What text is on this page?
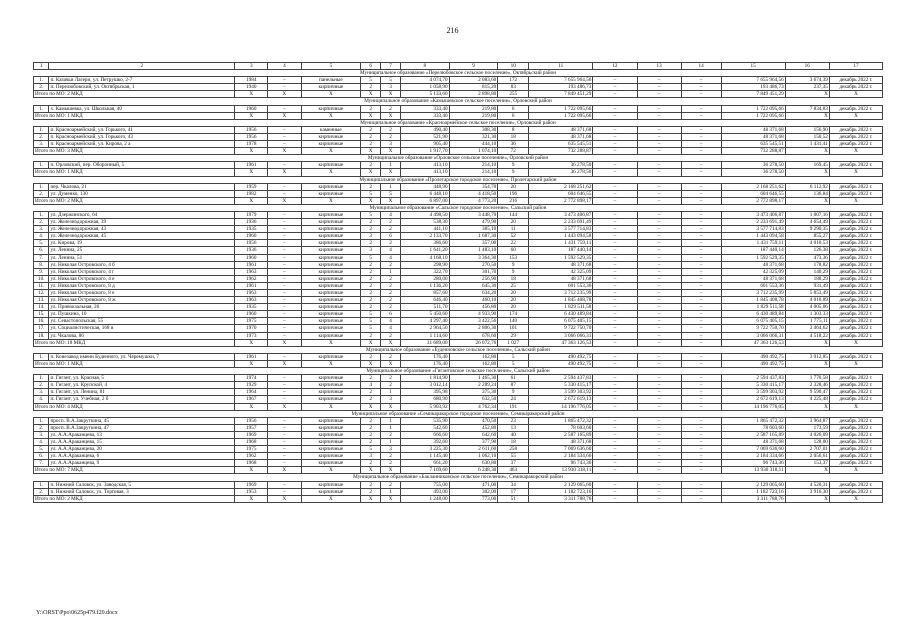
216
1	2	3	4	5	6	7	8	9	10	11	12	13	14	15	16	17
Муниципальное образование «Перелюбовское сельское поселение», Октябрьский район																
1.	п. Казачьи Лагери, ул. Петрушко, 2-7	1984	–	панельные	5	5	4 074,70	2 083,60	172	7 655 964,56	–	–	–	7 655 964,56	3 674,39	декабрь 2022 г.
2.	п. Перелюбовский, ул. Октябрьская, 1	1940	–	кирпичные	2	3	1 058,90	815,20	83	193 486,73	–	–	–	193 486,73	237,35	декабрь 2022 г.
Итого по МО: 2 МКД		Х	Х	Х	Х	Х	5 133,60	2 898,80	255	7 849 451,29	–	–	–	7 849 451,29	Х	Х
Муниципальное образование «Камышевское сельское поселение», Орловский район																
1.	х. Камышевка, ул. Школьная, 40	1960	–	кирпичные	2	2	333,40	219,80	6	1 722 095,66	–	–	–	1 722 095,66	7 834,83	декабрь 2022 г.
Итого по МО: 1 МКД		Х	Х	Х	Х	Х	333,40	219,80	6	1 722 095,66	–	–	–	1 722 095,66	Х	Х
Муниципальное образование «Красноармейское сельское поселение», Орловский район																
1.	п. Красноармейский, ул. Горького, 41	1956	–	каменные	2	2	490,40	308,30	8	48 371,68	–	–	–	48 371,68	156,90	декабрь 2022 г.
2.	п. Красноармейский, ул. Горького, 43	1956	–	кирпичные	2	2	521,90	321,30	18	48 371,68	–	–	–	48 371,68	150,52	декабрь 2022 г.
3.	п. Красноармейский, ул. Кирова, 2 а	1978	–	кирпичные	2	3	905,40	444,10	36	635 545,51	–	–	–	635 545,51	1 431,41	декабрь 2022 г.
Итого по МО: 3 МКД		Х	Х	Х	Х	Х	1 917,70	1 074,10	72	732 288,87	–	–	–	732 288,87	Х	Х
Муниципальное образование «Орловское сельское поселение», Орловский район																
1.	п. Орловский, пер. Оборонный, 5	1961	–	кирпичные	2	1	413,10	214,10	9	36 278,50	–	–	–	36 278,50	169,45	декабрь 2022 г.
Итого по МО: 1 МКД		Х	Х	Х	Х	Х	413,10	214,10	9	36 278,50	–	–	–	36 278,50	Х	Х
Муниципальное образование «Пролетарское городское поселение», Пролетарский район																
1.	пер. Чкалова, 21	1959	–	кирпичные	2	1	448,90	354,70	20	2 168 251,62	–	–	–	2 168 251,62	6 112,92	декабрь 2022 г.
2.	ул. Думенко, 130	1982	–	кирпичные	5	5	6 448,10	4 418,50	196	604 646,55	–	–	–	604 646,55	136,84	декабрь 2022 г.
Итого по МО: 2 МКД		Х	Х	Х	Х	Х	6 897,00	4 773,20	216	2 772 898,17	–	–	–	2 772 898,17	Х	Х
Муниципальное образование «Сальское городское поселение», Сальский район																
1.	ул. Дзержинского, 64	1979	–	кирпичные	5	4	4 498,50	3 448,70	144	3 473 406,87	–	–	–	3 473 406,87	1 007,16	декабрь 2022 г.
2.	ул. Железнодорожная, 39	1936	–	кирпичные	2	2	538,30	479,90	20	2 233 691,49	–	–	–	2 233 691,49	4 654,49	декабрь 2022 г.
3.	ул. Железнодорожная, 43	1935	–	кирпичные	2	2	441,10	385,10	11	3 577 714,83	–	–	–	3 577 714,83	9 290,35	декабрь 2022 г.
4.	ул. Железнодорожная, 45	1960	–	кирпичные	3	6	2 133,70	1 687,30	52	1 443 094,58	–	–	–	1 443 094,58	855,27	декабрь 2022 г.
5.	ул. Кирова, 19	1956	–	кирпичные	2	2	386,60	357,00	22	1 431 759,11	–	–	–	1 431 759,11	4 010,53	декабрь 2022 г.
6.	ул. Ленина, 25	1936	–	кирпичные	3	4	1 641,20	1 483,10	60	187 440,14	–	–	–	187 440,14	126,38	декабрь 2022 г.
7.	ул. Ленина, 51	1960	–	кирпичные	5	4	4 168,10	3 364,30	153	1 592 529,35	–	–	–	1 592 529,35	473,36	декабрь 2022 г.
8.	ул. Николая Островского, 4 б	1961	–	кирпичные	2	2	298,90	270,50	9	48 371,68	–	–	–	48 371,68	178,82	декабрь 2022 г.
9.	ул. Николая Островского, 4 г	1963	–	кирпичные	2	1	322,70	301,70	9	42 325,09	–	–	–	42 325,09	140,29	декабрь 2022 г.
10.	ул. Николая Островского, 4 е	1962	–	кирпичные	2	2	280,00	256,90	18	48 371,68	–	–	–	48 371,68	188,29	декабрь 2022 г.
11.	ул. Николая Островского, 8 д	1961	–	кирпичные	2	2	1 136,20	645,30	25	601 553,36	–	–	–	601 553,36	931,49	декабрь 2022 г.
12.	ул. Николая Островского, 8 е	1963	–	кирпичные	2	2	857,60	634,20	20	3 712 235,99	–	–	–	3 712 235,99	5 853,49	декабрь 2022 г.
13.	ул. Николая Островского, 8 ж	1963	–	кирпичные	2	2	646,40	460,10	20	1 845 408,78	–	–	–	1 845 408,78	4 010,89	декабрь 2022 г.
14.	ул. Привокзальная, 26	1935	–	кирпичные	2	2	511,70	456,80	20	1 829 511,58	–	–	–	1 829 511,58	4 005,06	декабрь 2022 г.
15.	ул. Пушкина, 10	1960	–	кирпичные	5	6	5 450,60	4 933,90	174	6 430 489,84	–	–	–	6 430 489,84	1 303,33	декабрь 2022 г.
16.	ул. Севастопольская, 55	1975	–	кирпичные	5	4	4 297,40	3 422,56	140	6 075 405,15	–	–	–	6 075 405,15	1 775,11	декабрь 2022 г.
17.	ул. Социалистическая, 168 в	1970	–	кирпичные	5	4	2 964,50	2 806,30	101	9 722 750,70	–	–	–	9 722 750,70	3 464,62	декабрь 2022 г.
18.	ул. Чкалова, 86	1973	–	кирпичные	2	2	1 114,60	678,60	29	3 066 066,31	–	–	–	3 066 066,31	4 518,22	декабрь 2022 г.
Итого по МО: 18 МКД		Х	Х	Х	Х	Х	31 689,00	26 072,76	1 027	47 363 126,53	–	–	–	47 363 126,53	Х	Х
Муниципальное образование «Буденновское сельское поселение», Сальский район																
1.	п. Конезавод имени Буденного, ул. Черемушки, 7	1961	–	кирпичные	2	2	176,40	162,80	5	490 492,75	–	–	–	490 492,75	3 012,85	декабрь 2022 г.
Итого по МО: 1 МКД		Х	Х	Х	Х	Х	176,40	162,80	5	490 492,75	–	–	–	490 492,75	Х	Х
Муниципальное образование «Гигантовское сельское поселение», Сальский район																
1.	п. Гигант, ул. Красная, 5	1974	–	кирпичные	2	2	1 814,90	1 465,30	61	2 594 437,83	–	–	–	2 594 437,83	1 770,58	декабрь 2022 г.
2.	п. Гигант, ул. Крупской, 4	1929	–	кирпичные	4	2	3 012,14	2 289,24	87	5 330 415,17	–	–	–	5 330 415,17	2 328,46	декабрь 2022 г.
3.	п. Гигант, ул. Ленина, 81	1964	–	кирпичные	2	1	395,98	375,30	9	3 599 303,92	–	–	–	3 599 303,92	9 590,47	декабрь 2022 г.
4.	п. Гигант, ул. Учебная, 2 б	1967	–	кирпичные	2	3	680,90	632,50	24	2 672 619,13	–	–	–	2 672 619,13	4 225,48	декабрь 2022 г.
Итого по МО: 4 МКД		Х	Х	Х	Х	Х	5 903,92	4 762,34	191	14 196 776,05	–	–	–	14 196 776,05	Х	Х
Муниципальное образование «Семикаракорское городское поселение», Семикаракорский район																
1.	просп. В.А.Закруткина, 45	1956	–	кирпичные	2	1	535,90	470,50	23	1 865 472,32	–	–	–	1 865 472,32	3 964,87	декабрь 2022 г.
2.	просп. В.А.Закруткина, 47	1957	–	кирпичные	2	1	542,60	452,80	13	78 603,60	–	–	–	78 603,60	173,59	декабрь 2022 г.
3.	ул. А.А.Араканцева, 13	1969	–	кирпичные	2	2	666,60	642,60	40	2 587 165,89	–	–	–	2 587 165,89	4 026,09	декабрь 2022 г.
4.	ул. А.А.Араканцева, 15	1968	–	кирпичные	2	1	392,60	377,90	18	48 371,68	–	–	–	48 371,68	128,00	декабрь 2022 г.
5.	ул. А.А.Араканцева, 20	1975	–	кирпичные	5	3	3 225,30	2 611,60	258	7 069 636,60	–	–	–	7 069 636,60	2 707,01	декабрь 2022 г.
6.	ул. А.А.Араканцева, 6	1962	–	кирпичные	3	2	1 145,40	1 062,10	55	2 184 334,66	–	–	–	2 184 334,66	2 056,61	декабрь 2022 г.
7.	ул. А.А.Араканцева, 9	1968	–	кирпичные	2	2	661,20	630,80	37	96 743,36	–	–	–	96 743,36	153,37	декабрь 2022 г.
Итого по МО: 7 МКД		Х	Х	Х	Х	Х	7 169,60	6 248,30	463	13 930 318,11	–	–	–	13 930 318,11	Х	Х
Муниципальное образование «Бакланниковское сельское поселение», Семикаракорский район																
1.	п. Нижний Саловск, ул. Заводская, 5	1969	–	кирпичные	2	2	755,00	471,00	34	2 129 065,60	–	–	–	2 129 065,60	4 520,31	декабрь 2022 г.
2.	п. Нижний Саловск, ул. Торговая, 3	1953	–	кирпичные	2	1	493,00	302,00	17	1 182 723,16	–	–	–	1 182 723,16	3 916,30	декабрь 2022 г.
Итого по МО: 2 МКД		Х	Х	Х	Х	Х	1 248,00	773,00	51	3 311 788,76	–	–	–	3 311 788,76	Х	Х
Y:\ORST\Ppo\0625p479.f20.docx
